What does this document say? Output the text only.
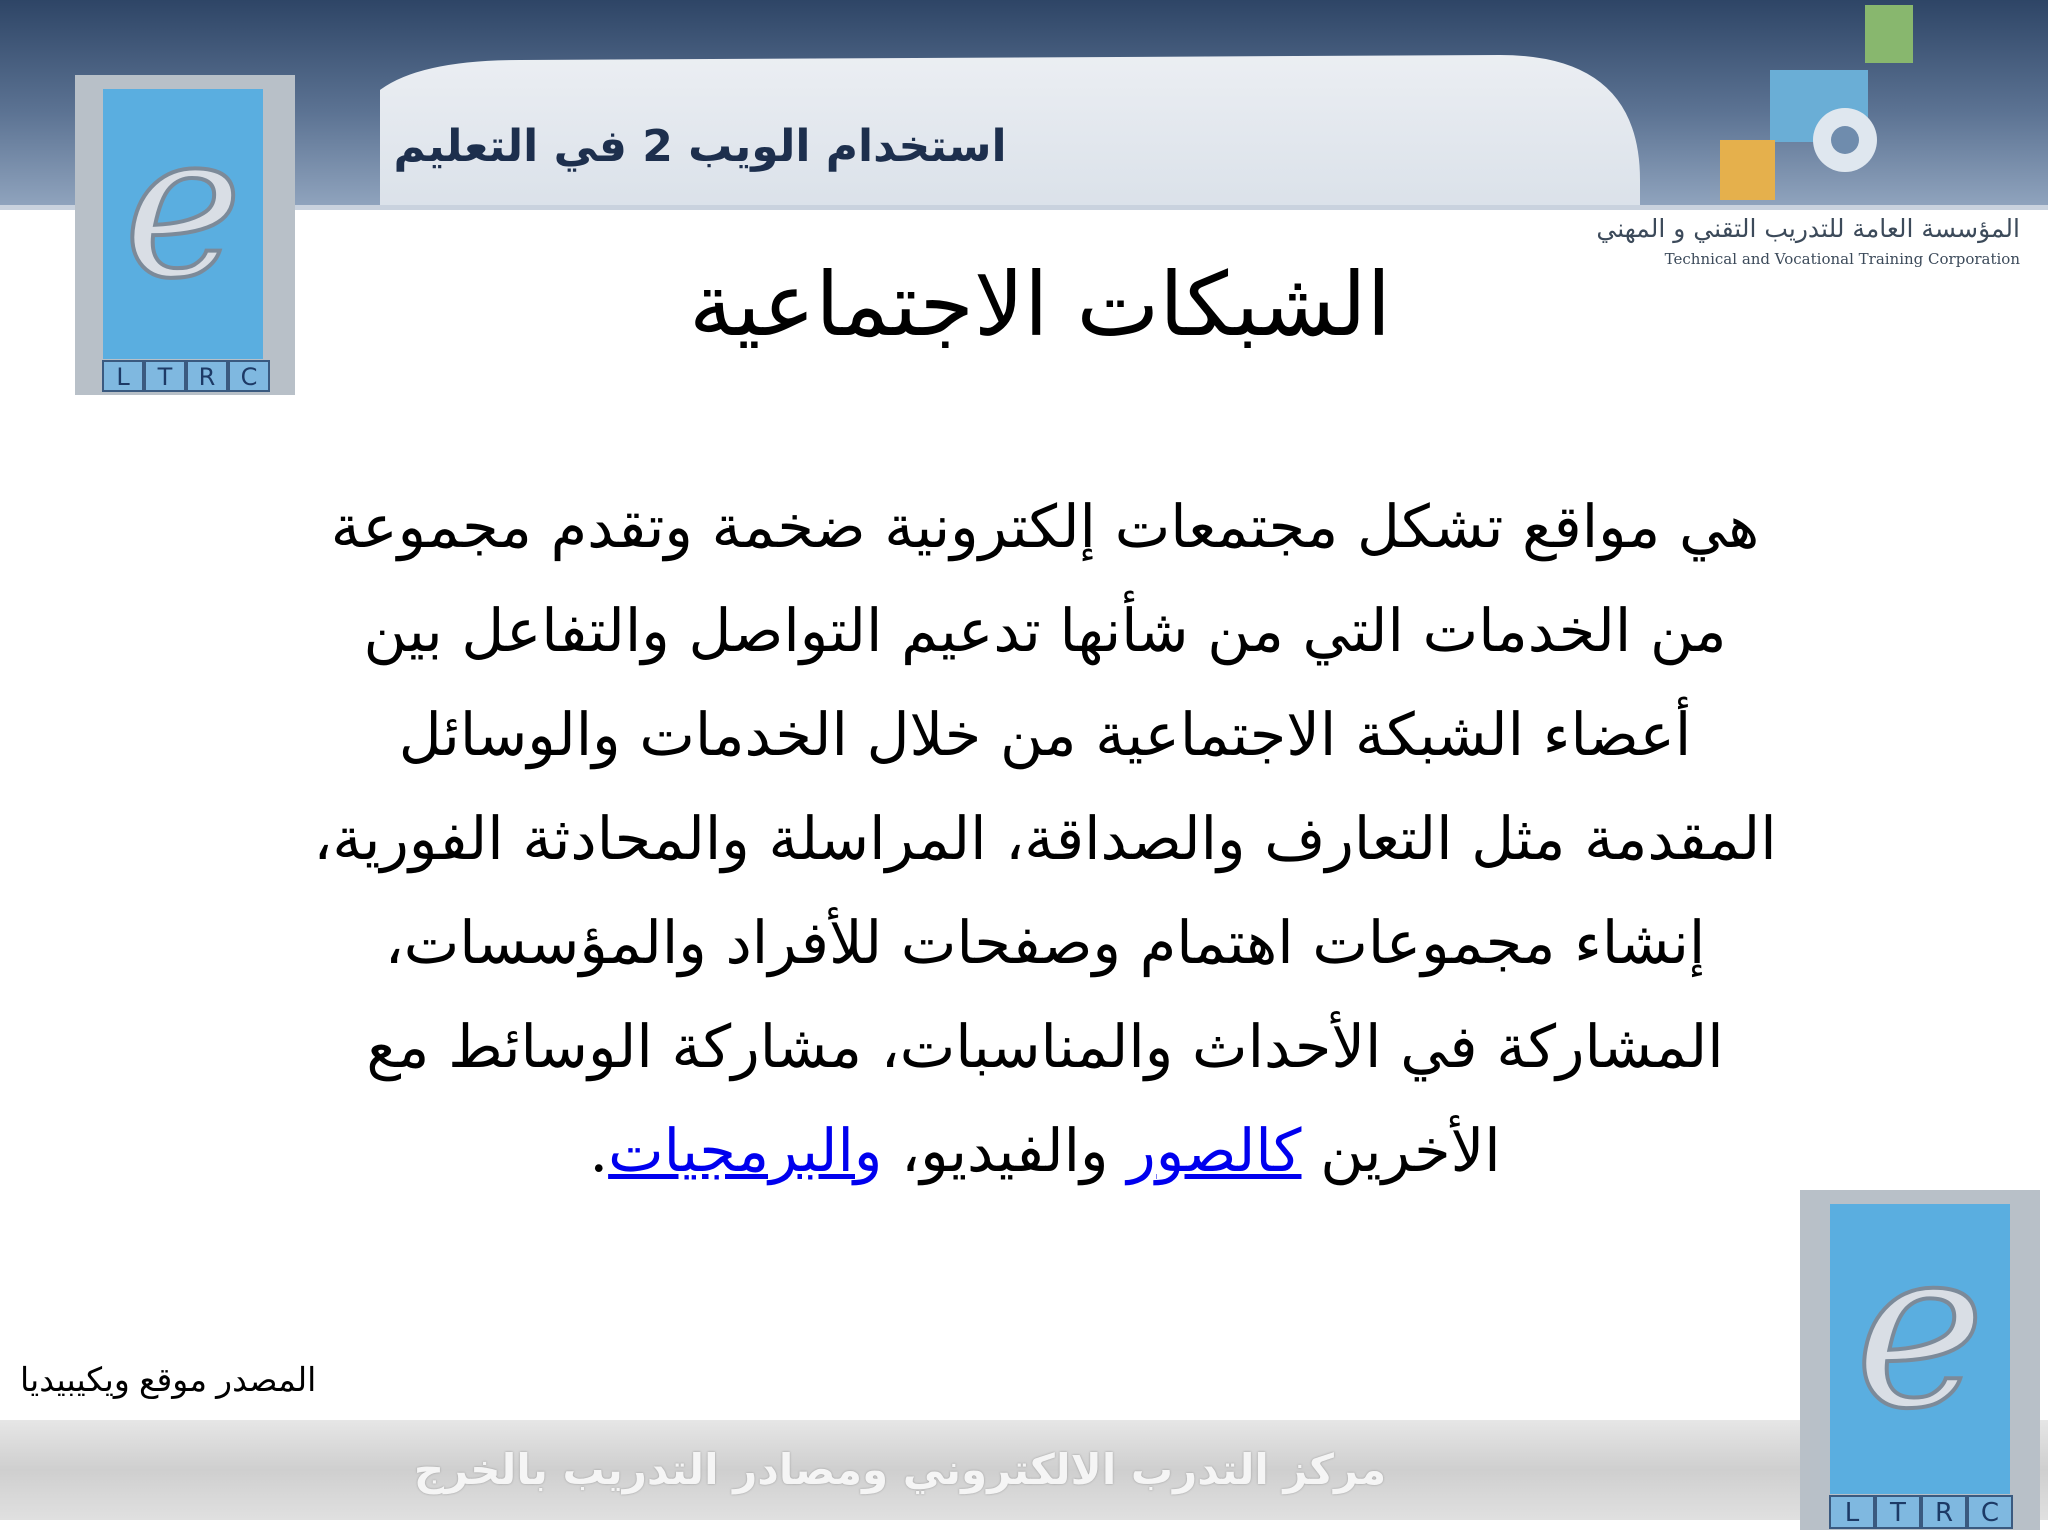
استخدام الويب 2 في التعليم
المؤسسة العامة للتدريب التقني و المهني
Technical and Vocational Training Corporation
e
L T R C
الشبكات الاجتماعية
هي مواقع تشكل مجتمعات إلكترونية ضخمة وتقدم مجموعة
من الخدمات التي من شأنها تدعيم التواصل والتفاعل بين
أعضاء الشبكة الاجتماعية من خلال الخدمات والوسائل
المقدمة مثل التعارف والصداقة، المراسلة والمحادثة الفورية،
إنشاء مجموعات اهتمام وصفحات للأفراد والمؤسسات،
المشاركة في الأحداث والمناسبات، مشاركة الوسائط مع
الأخرين كالصور والفيديو، والبرمجيات.
المصدر موقع ويكيبيديا
مركز التدرب الالكتروني ومصادر التدريب بالخرج
e
L T R C
